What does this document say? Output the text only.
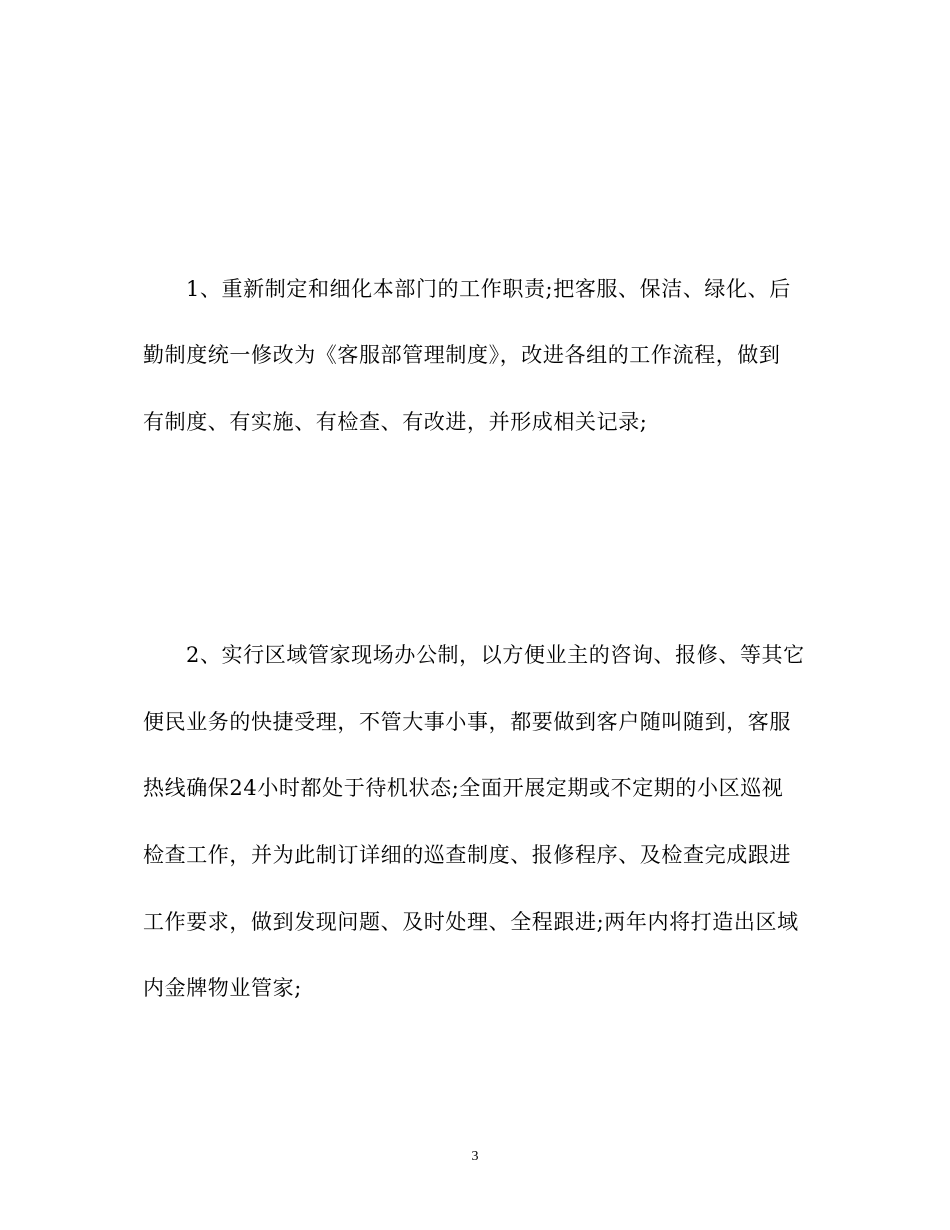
1、重新制定和细化本部门的工作职责;把客服、保洁、绿化、后
勤制度统一修改为《客服部管理制度》，改进各组的工作流程，做到
有制度、有实施、有检查、有改进，并形成相关记录;
2、实行区域管家现场办公制，以方便业主的咨询、报修、等其它
便民业务的快捷受理，不管大事小事，都要做到客户随叫随到，客服
热线确保24小时都处于待机状态;全面开展定期或不定期的小区巡视
检查工作，并为此制订详细的巡查制度、报修程序、及检查完成跟进
工作要求，做到发现问题、及时处理、全程跟进;两年内将打造出区域
内金牌物业管家;
3
